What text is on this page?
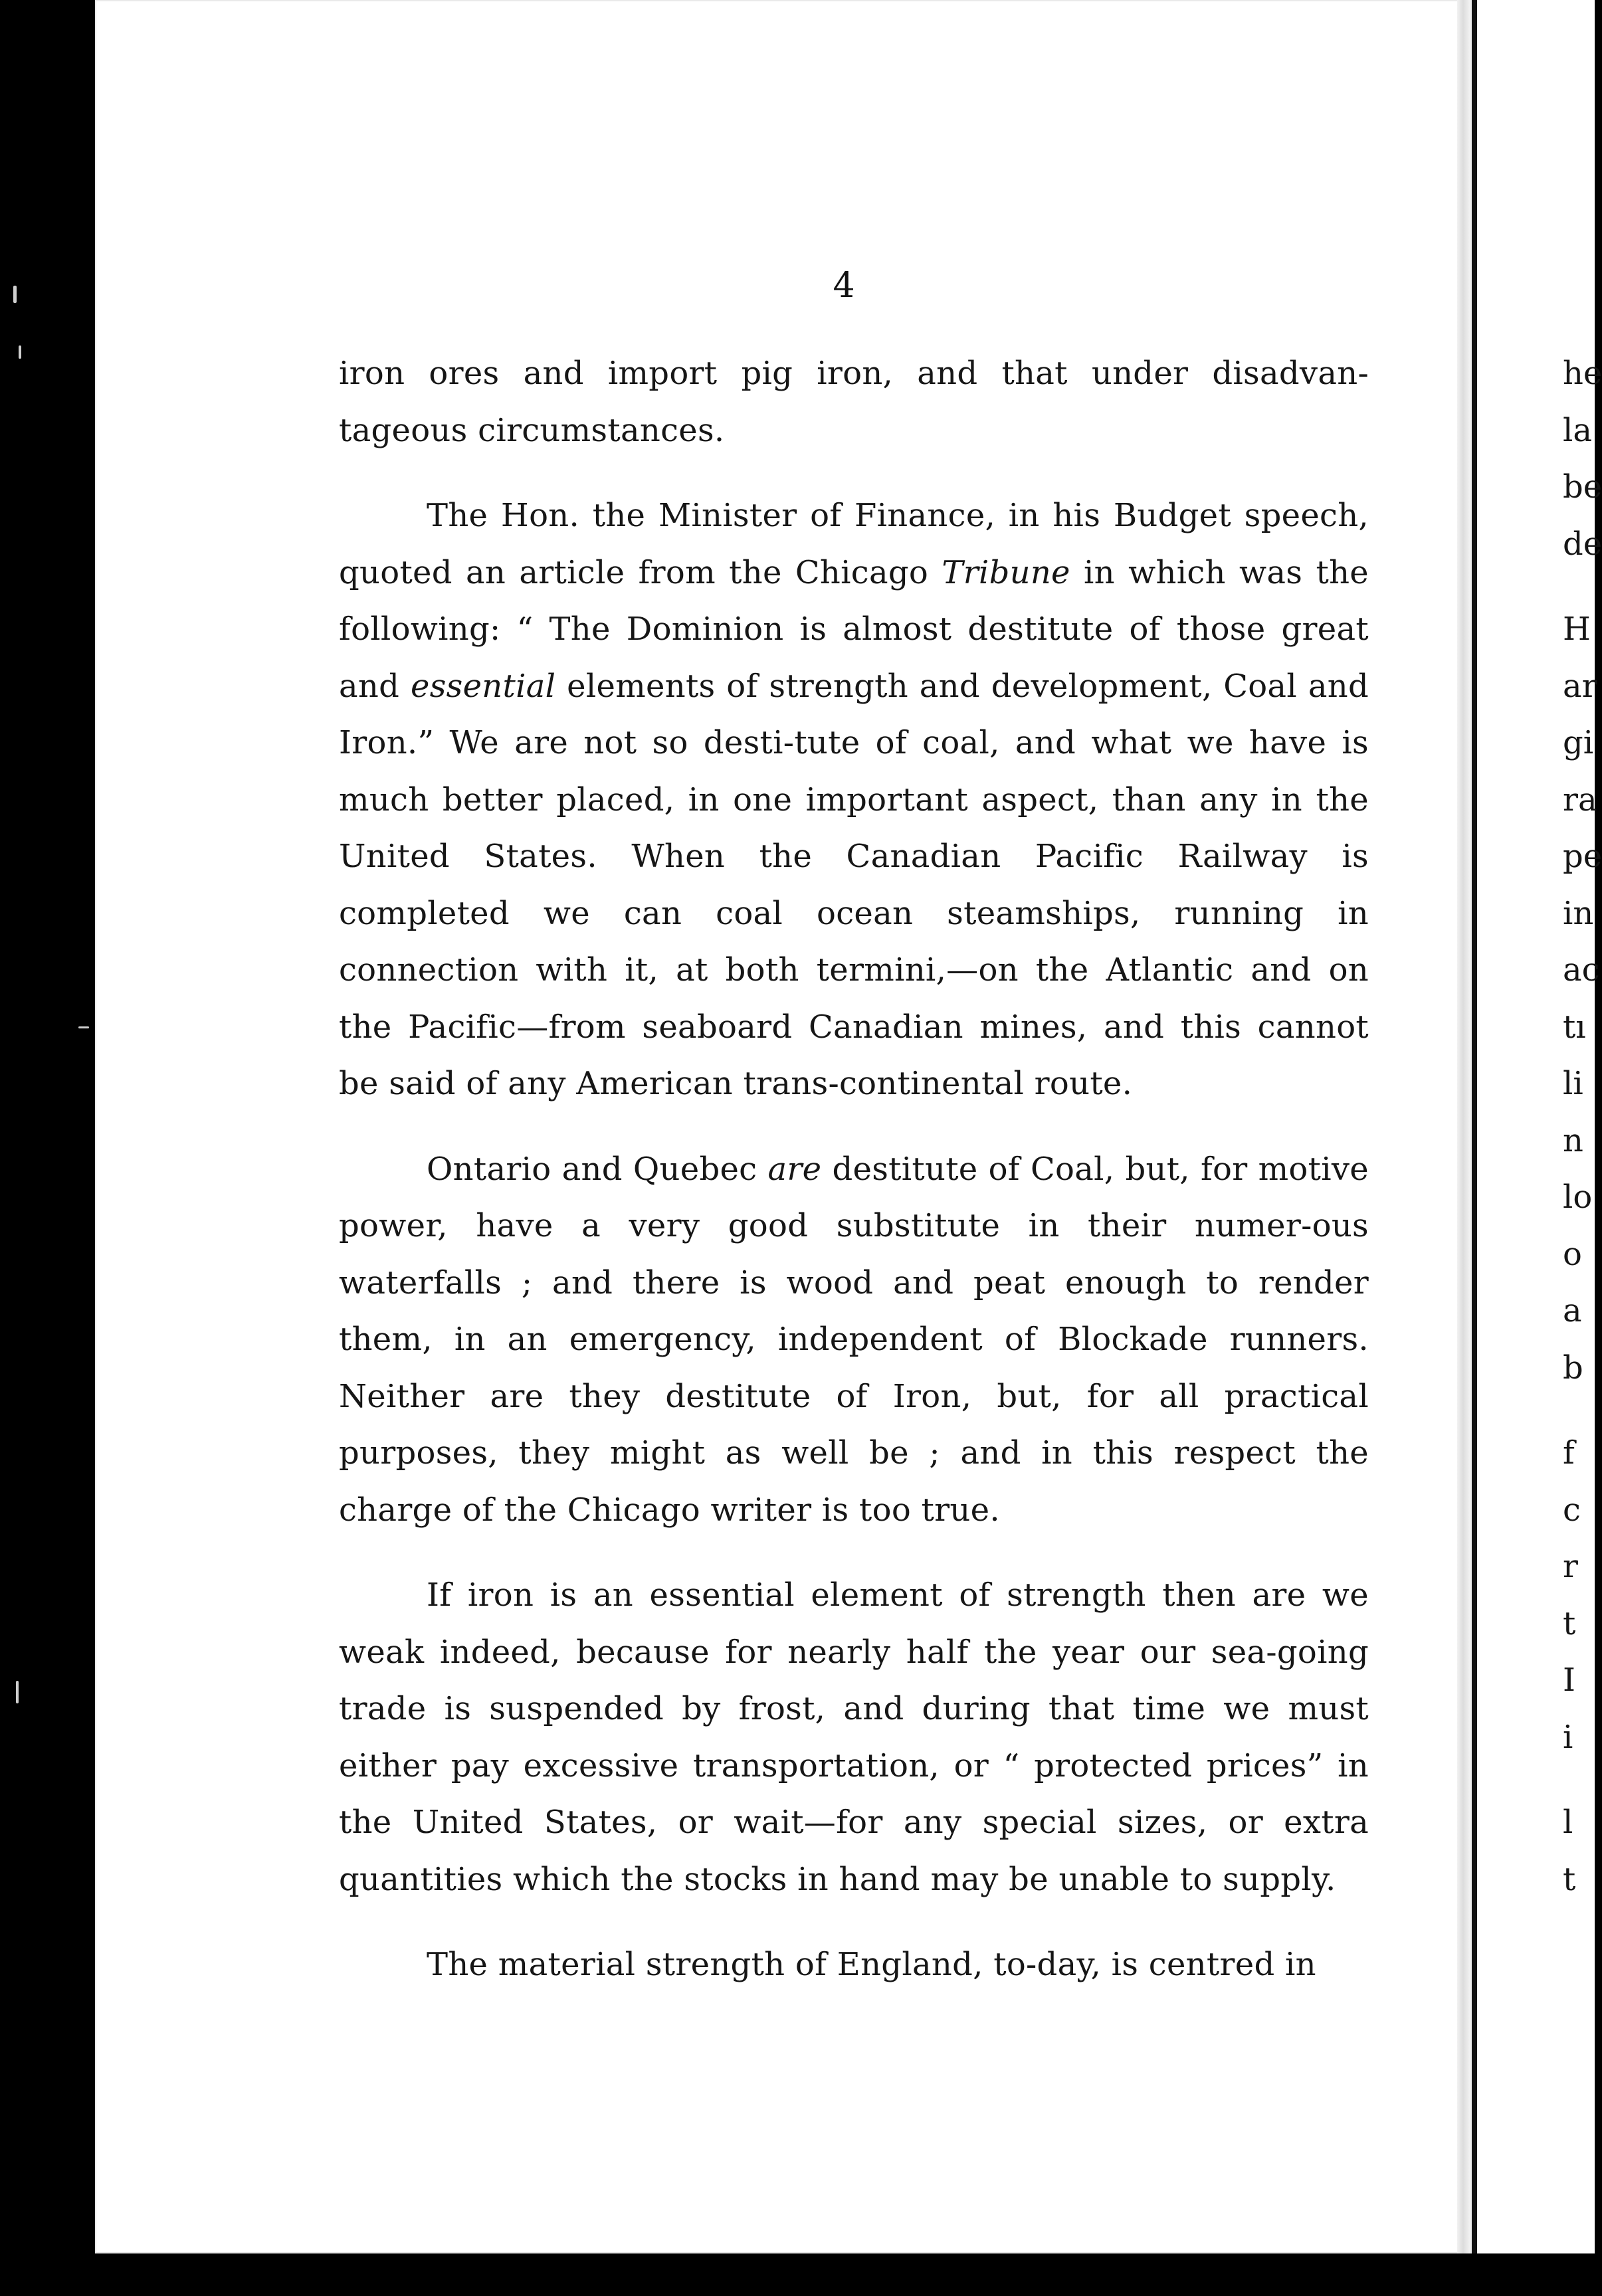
4

iron ores and import pig iron, and that under disadvan-tageous circumstances.

The Hon. the Minister of Finance, in his Budget speech, quoted an article from the Chicago Tribune in which was the following: “ The Dominion is almost destitute of those great and essential elements of strength and development, Coal and Iron.” We are not so desti-tute of coal, and what we have is much better placed, in one important aspect, than any in the United States. When the Canadian Pacific Railway is completed we can coal ocean steamships, running in connection with it, at both termini,—on the Atlantic and on the Pacific—from seaboard Canadian mines, and this cannot be said of any American trans-continental route.

Ontario and Quebec are destitute of Coal, but, for motive power, have a very good substitute in their numer-ous waterfalls ; and there is wood and peat enough to render them, in an emergency, independent of Blockade runners. Neither are they destitute of Iron, but, for all practical purposes, they might as well be ; and in this respect the charge of the Chicago writer is too true.

If iron is an essential element of strength then are we weak indeed, because for nearly half the year our sea-going trade is suspended by frost, and during that time we must either pay excessive transportation, or “ protected prices” in the United States, or wait—for any special sizes, or extra quantities which the stocks in hand may be unable to supply.

The material strength of England, to-day, is centred in

he
la
be
de
H
ar
gi
ra
pe
in
ac
tı
li
n
lo
o
a
b
f
c
r
t
I
i
l
t
